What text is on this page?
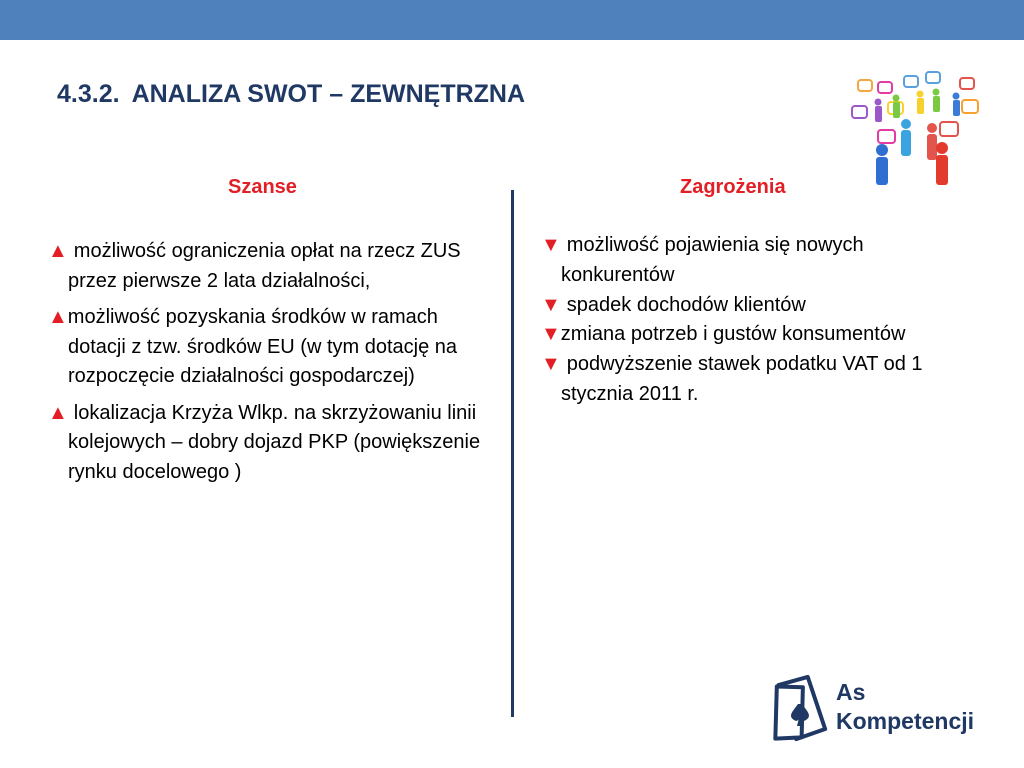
4.3.2. ANALIZA SWOT – ZEWNĘTRZNA
Szanse	Zagrożenia
▲ możliwość ograniczenia opłat na rzecz ZUS przez pierwsze 2 lata działalności,
▲możliwość pozyskania środków w ramach dotacji z tzw. środków EU (w tym dotację na rozpoczęcie działalności gospodarczej)
▲ lokalizacja Krzyża Wlkp. na skrzyżowaniu linii kolejowych – dobry dojazd PKP (powiększenie rynku docelowego )
▼ możliwość pojawienia się nowych konkurentów
▼ spadek dochodów klientów
▼zmiana potrzeb i gustów konsumentów
▼ podwyższenie stawek podatku VAT od 1 stycznia 2011 r.
As
Kompetencji
